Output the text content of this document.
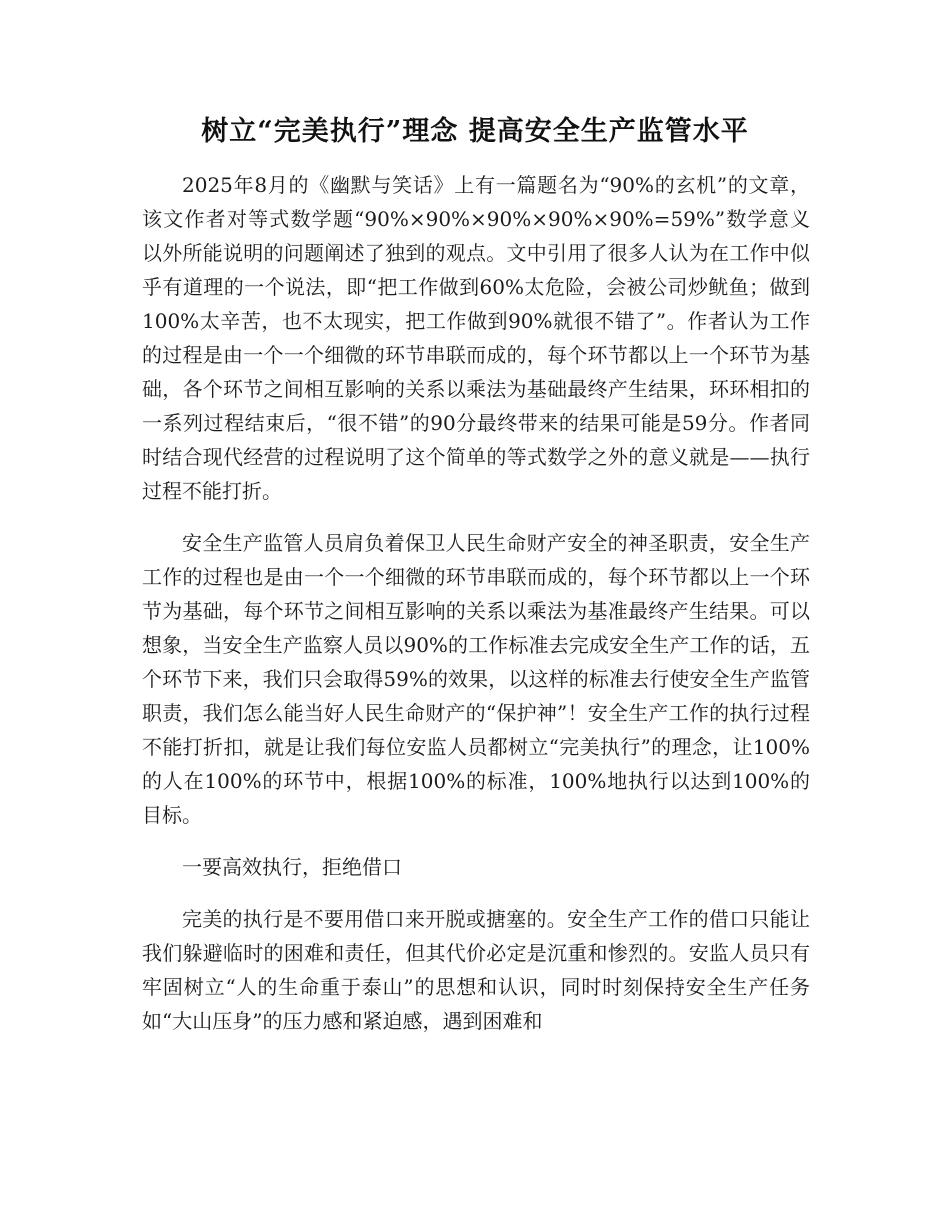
树立“完美执行”理念 提高安全生产监管水平

2025年8月的《幽默与笑话》上有一篇题名为“90%的玄机”的文章，该文作者对等式数学题“90%×90%×90%×90%×90%=59%”数学意义以外所能说明的问题阐述了独到的观点。文中引用了很多人认为在工作中似乎有道理的一个说法，即“把工作做到60%太危险，会被公司炒鱿鱼；做到100%太辛苦，也不太现实，把工作做到90%就很不错了”。作者认为工作的过程是由一个一个细微的环节串联而成的，每个环节都以上一个环节为基础，各个环节之间相互影响的关系以乘法为基础最终产生结果，环环相扣的一系列过程结束后，“很不错”的90分最终带来的结果可能是59分。作者同时结合现代经营的过程说明了这个简单的等式数学之外的意义就是——执行过程不能打折。

安全生产监管人员肩负着保卫人民生命财产安全的神圣职责，安全生产工作的过程也是由一个一个细微的环节串联而成的，每个环节都以上一个环节为基础，每个环节之间相互影响的关系以乘法为基准最终产生结果。可以想象，当安全生产监察人员以90%的工作标准去完成安全生产工作的话，五个环节下来，我们只会取得59%的效果，以这样的标准去行使安全生产监管职责，我们怎么能当好人民生命财产的“保护神”！安全生产工作的执行过程不能打折扣，就是让我们每位安监人员都树立“完美执行”的理念，让100%的人在100%的环节中，根据100%的标准，100%地执行以达到100%的目标。

一要高效执行，拒绝借口

完美的执行是不要用借口来开脱或搪塞的。安全生产工作的借口只能让我们躲避临时的困难和责任，但其代价必定是沉重和惨烈的。安监人员只有牢固树立“人的生命重于泰山”的思想和认识，同时时刻保持安全生产任务如“大山压身”的压力感和紧迫感，遇到困难和
